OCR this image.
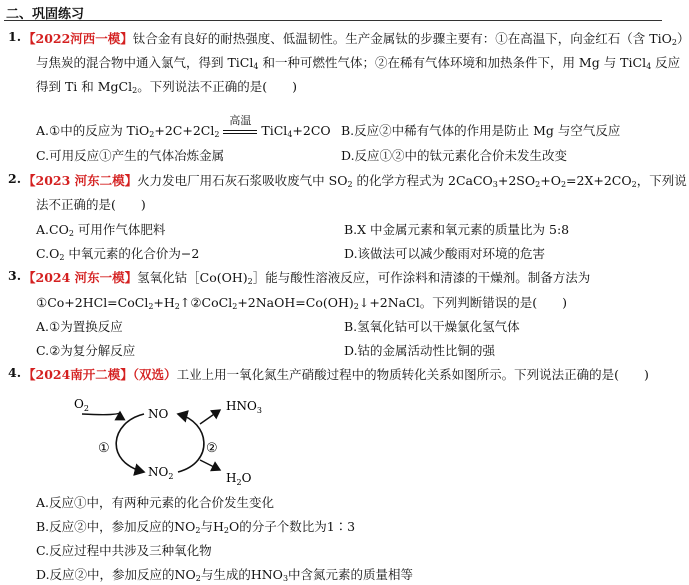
二、巩固练习
1. 【2022河西一模】钛合金有良好的耐热强度、低温韧性。生产金属钛的步骤主要有：①在高温下，向金红石（含 TiO$_2$）
与焦炭的混合物中通入氯气，得到 TiCl$_4$ 和一种可燃性气体；②在稀有气体环境和加热条件下，用 Mg 与 TiCl$_4$ 反应
得到 Ti 和 MgCl$_2$。下列说法不正确的是(　　)
A.①中的反应为 $TiO_2+2C+2Cl_2$
高温
TiCl$_4$+2CO B.反应②中稀有气体的作用是防止 Mg 与空气反应
C.可用反应①产生的气体冶炼金属	D.反应①②中的钛元素化合价未发生改变
2. 【2023 河东二模】火力发电厂用石灰石浆吸收废气中 $SO_2$ 的化学方程式为 $2CaCO_3+2SO_2+O_2=2X+2CO_2$，下列说
法不正确的是(　　)
$A.CO_2$ 可用作气体肥料	B.X 中金属元素和氧元素的质量比为 5:8
$C.O_2$ 中氧元素的化合价为−2	D.该做法可以减少酸雨对环境的危害
3. 【2024 河东一模】氢氧化钴$[Co(OH)_2]$能与酸性溶液反应，可作涂料和清漆的干燥剂。制备方法为
$①Co+2HCl=CoCl_2+H_2↑②CoCl_2+2NaOH=Co(OH)_2↓+2NaCl$。下列判断错误的是(　　)
A.①为置换反应	B.氢氧化钴可以干燥氯化氢气体
C.②为复分解反应	D.钴的金属活动性比铜的强
4. 【2024南开二模】（双选）工业上用一氧化氮生产硝酸过程中的物质转化关系如图所示。下列说法正确的是(　　)
$O_2$	NO
$NO_2$
$HNO_3$
$H_2O$
①	②
A.反应①中，有两种元素的化合价发生变化
B.反应②中，参加反应的$NO_2$与$H_2O$的分子个数比为1∶3
C.反应过程中共涉及三种氧化物
D.反应②中，参加反应的$NO_2$与生成的$HNO_3$中含氮元素的质量相等
